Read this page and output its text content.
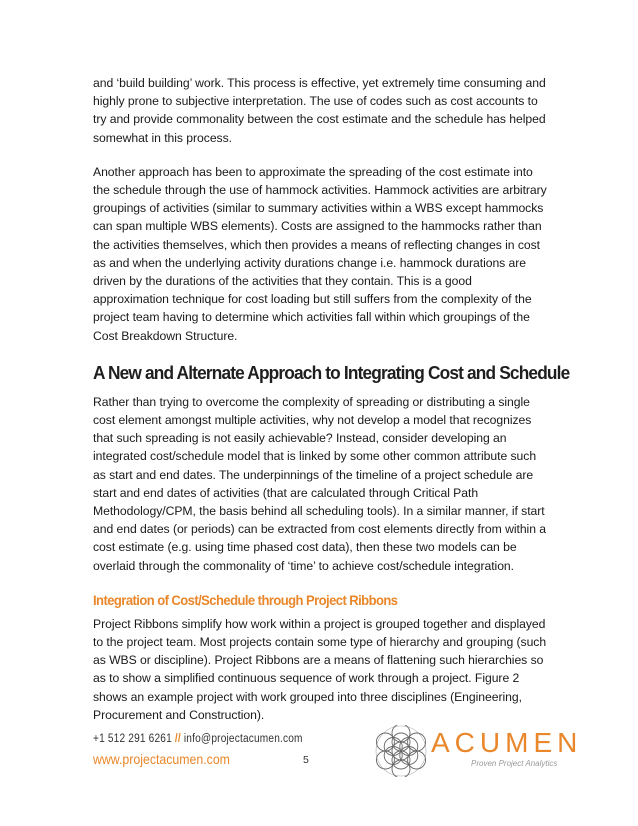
and ‘build building’ work. This process is effective, yet extremely time consuming and highly prone to subjective interpretation. The use of codes such as cost accounts to try and provide commonality between the cost estimate and the schedule has helped somewhat in this process.

Another approach has been to approximate the spreading of the cost estimate into the schedule through the use of hammock activities. Hammock activities are arbitrary groupings of activities (similar to summary activities within a WBS except hammocks can span multiple WBS elements). Costs are assigned to the hammocks rather than the activities themselves, which then provides a means of reflecting changes in cost as and when the underlying activity durations change i.e. hammock durations are driven by the durations of the activities that they contain. This is a good approximation technique for cost loading but still suffers from the complexity of the project team having to determine which activities fall within which groupings of the Cost Breakdown Structure.

A New and Alternate Approach to Integrating Cost and Schedule

Rather than trying to overcome the complexity of spreading or distributing a single cost element amongst multiple activities, why not develop a model that recognizes that such spreading is not easily achievable? Instead, consider developing an integrated cost/schedule model that is linked by some other common attribute such as start and end dates. The underpinnings of the timeline of a project schedule are start and end dates of activities (that are calculated through Critical Path Methodology/CPM, the basis behind all scheduling tools). In a similar manner, if start and end dates (or periods) can be extracted from cost elements directly from within a cost estimate (e.g. using time phased cost data), then these two models can be overlaid through the commonality of ‘time’ to achieve cost/schedule integration.

Integration of Cost/Schedule through Project Ribbons

Project Ribbons simplify how work within a project is grouped together and displayed to the project team. Most projects contain some type of hierarchy and grouping (such as WBS or discipline). Project Ribbons are a means of flattening such hierarchies so as to show a simplified continuous sequence of work through a project. Figure 2 shows an example project with work grouped into three disciplines (Engineering, Procurement and Construction).

+1 512 291 6261 // info@projectacumen.com
www.projectacumen.com	5
ACUMEN
Proven Project Analytics
